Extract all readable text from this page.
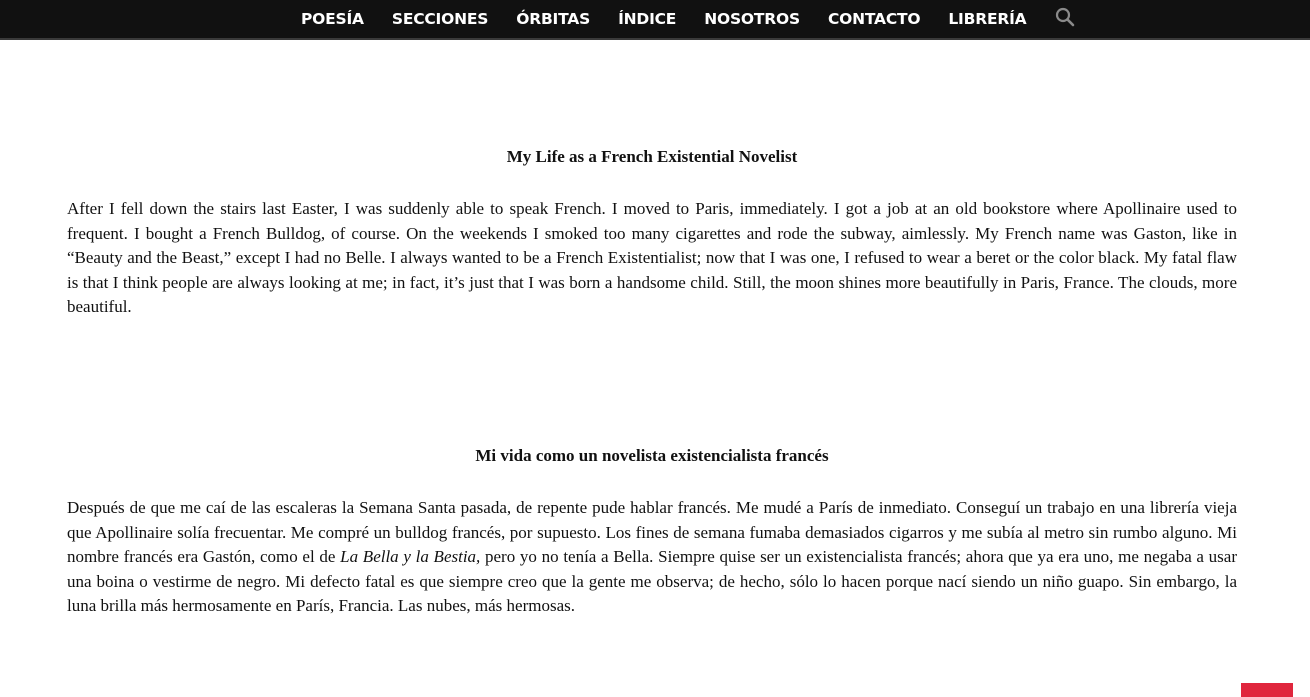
POESÍA	SECCIONES	ÓRBITAS	ÍNDICE	NOSOTROS	CONTACTO	LIBRERÍA
My Life as a French Existential Novelist

After I fell down the stairs last Easter, I was suddenly able to speak French. I moved to Paris, immediately. I got a job at an old bookstore where Apollinaire used to frequent. I bought a French Bulldog, of course. On the weekends I smoked too many cigarettes and rode the subway, aimlessly. My French name was Gaston, like in “Beauty and the Beast,” except I had no Belle. I always wanted to be a French Existentialist; now that I was one, I refused to wear a beret or the color black. My fatal flaw is that I think people are always looking at me; in fact, it’s just that I was born a handsome child. Still, the moon shines more beautifully in Paris, France. The clouds, more beautiful.

Mi vida como un novelista existencialista francés

Después de que me caí de las escaleras la Semana Santa pasada, de repente pude hablar francés. Me mudé a París de inmediato. Conseguí un trabajo en una librería vieja que Apollinaire solía frecuentar. Me compré un bulldog francés, por supuesto. Los fines de semana fumaba demasiados cigarros y me subía al metro sin rumbo alguno. Mi nombre francés era Gastón, como el de La Bella y la Bestia, pero yo no tenía a Bella. Siempre quise ser un existencialista francés; ahora que ya era uno, me negaba a usar una boina o vestirme de negro. Mi defecto fatal es que siempre creo que la gente me observa; de hecho, sólo lo hacen porque nací siendo un niño guapo. Sin embargo, la luna brilla más hermosamente en París, Francia. Las nubes, más hermosas.
